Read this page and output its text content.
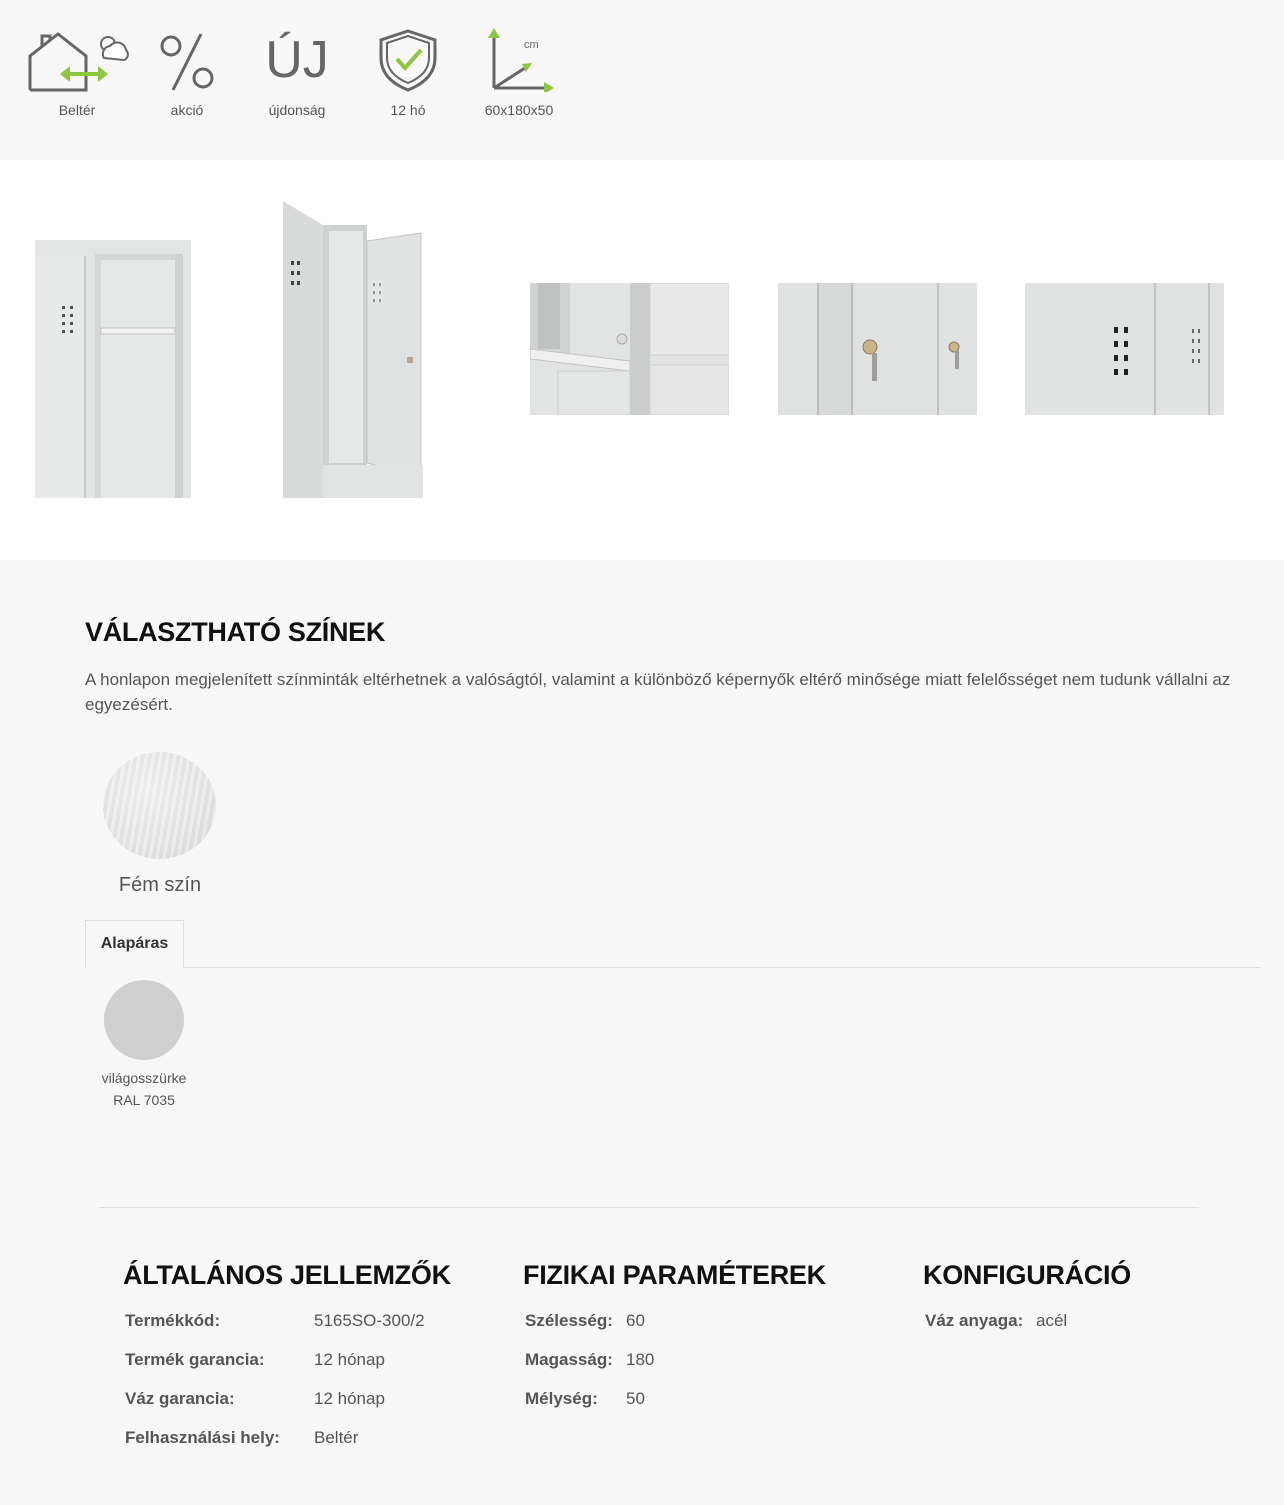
Beltér	akció
ÚJ
újdonság	12 hó
cm
60x180x50
VÁLASZTHATÓ SZÍNEK

A honlapon megjelenített színminták eltérhetnek a valóságtól, valamint a különböző képernyők eltérő minősége miatt felelősséget nem tudunk vállalni az egyezésért.

Fém szín
Alapáras
világosszürke
RAL 7035
ÁLTALÁNOS JELLEMZŐK
Termékkód:	5165SO-300/2
Termék garancia:	12 hónap
Váz garancia:	12 hónap
Felhasználási hely: Beltér
FIZIKAI PARAMÉTEREK
Szélesség: 60
Magasság: 180
Mélység: 50
KONFIGURÁCIÓ
Váz anyaga: acél
